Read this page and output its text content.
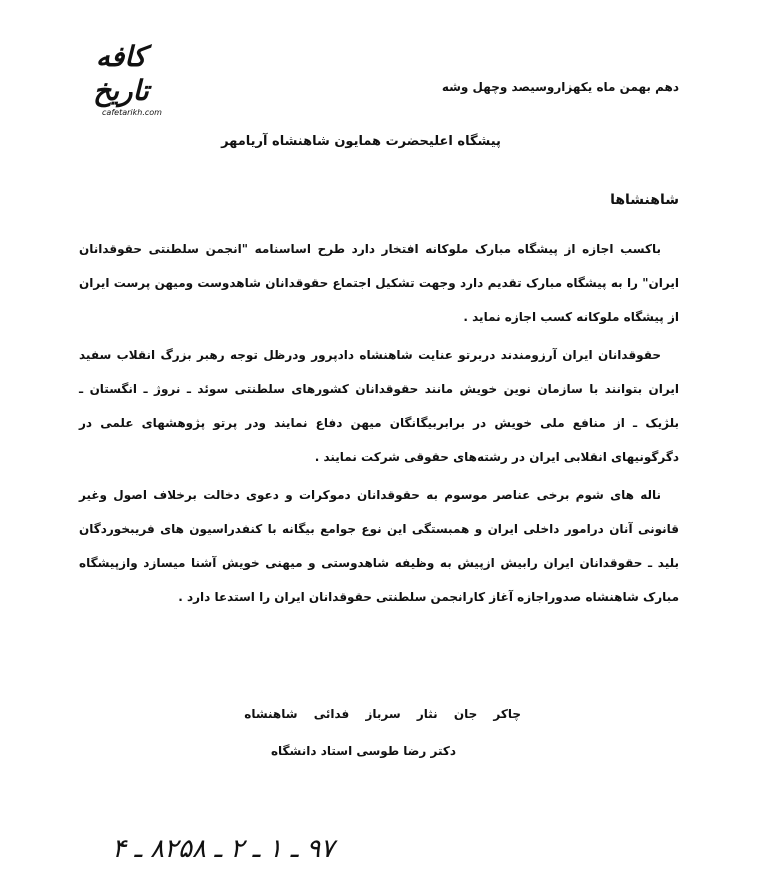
کافه تاریخ
cafetarikh.com
دهم بهمن ماه یکهزاروسیصد وچهل وشه
پیشگاه اعلیحضرت همایون شاهنشاه آریامهر
شاهنشاها

باکسب اجازه از پیشگاه مبارک ملوکانه افتخار دارد طرح اساسنامه "انجمن سلطنتی حقوقدانان ایران" را به پیشگاه مبارک تقدیم دارد وجهت تشکیل اجتماع حقوقدانان شاهدوست ومیهن پرست ایران از پیشگاه ملوکانه کسب اجازه نماید .

حقوقدانان ایران آرزومندند دربرتو عنایت شاهنشاه دادپرور ودرظل توجه رهبر بزرگ انقلاب سفید ایران بتوانند با سازمان نوین خویش مانند حقوقدانان کشورهای سلطنتی سوئد ـ نروژ ـ انگستان ـ بلژیک ـ از منافع ملی خویش در برابربیگانگان میهن دفاع نمایند ودر پرتو پژوهشهای علمی در دگرگونیهای انقلابی ایران در رشته‌های حقوقی شرکت نمایند .

ناله های شوم برخی عناصر موسوم به حقوقدانان دموکرات و دعوی دخالت برخلاف اصول وغیر قانونی آنان درامور داخلی ایران و همبستگی این نوع جوامع بیگانه با کنفدراسیون های فریبخوردگان بلید ـ حقوقدانان ایران رابیش ازپیش به وظیفه شاهدوستی و میهنی خویش آشنا میسازد وازپیشگاه مبارک شاهنشاه صدوراجازه آغاز کارانجمن سلطنتی حقوقدانان ایران را استدعا دارد .

چاکر جان نثار سرباز فدائی شاهنشاه
دکتر رضا طوسی استاد دانشگاه
۹۷ ـ ۱ ـ ۲ ـ ۸۲۵۸ ـ ۴
